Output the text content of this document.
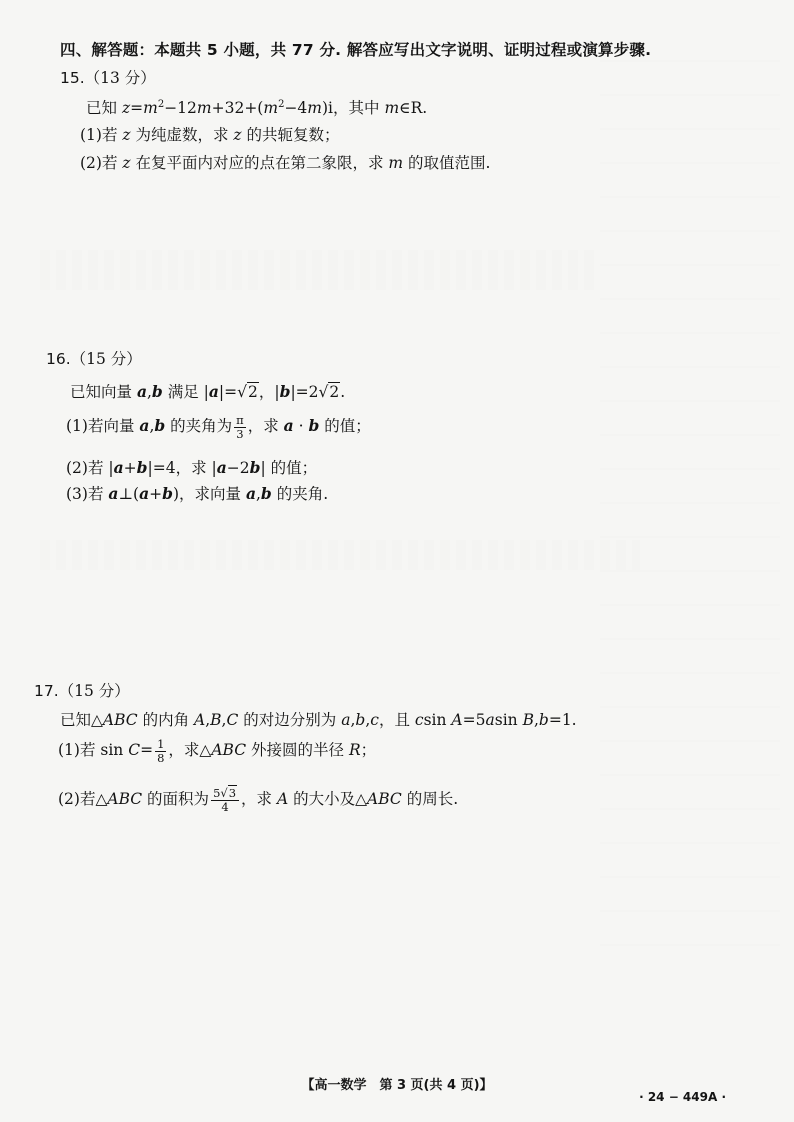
四、解答题：本题共 5 小题，共 77 分. 解答应写出文字说明、证明过程或演算步骤.
15.（13 分）
已知 $z=m^2-12m+32+(m^2-4m)i$，其中 m∈R.
(1)若 z 为纯虚数，求 z 的共轭复数；
(2)若 z 在复平面内对应的点在第二象限，求 m 的取值范围.
16.（15 分）
已知向量 a,b 满足 |a|=√2，|b|=2√2.
(1)若向量 a,b 的夹角为 $\frac{\pi}{3}$ ，求 a · b 的值；
(2)若 |a+b|=4，求 |a−2b| 的值；
(3)若 a⊥(a+b)，求向量 a,b 的夹角.
17.（15 分）
已知△ABC 的内角 A,B,C 的对边分别为 a,b,c，且 csin A=5asin B,b=1.
(1)若 $\sin C= \frac{1}{8}$ ，求△ABC 外接圆的半径 R；
(2)若△ABC 的面积为 $\frac{5√3}{4}$ ，求 A 的大小及△ABC 的周长.
【高一数学　第 3 页(共 4 页)】
· 24 − 449A ·
